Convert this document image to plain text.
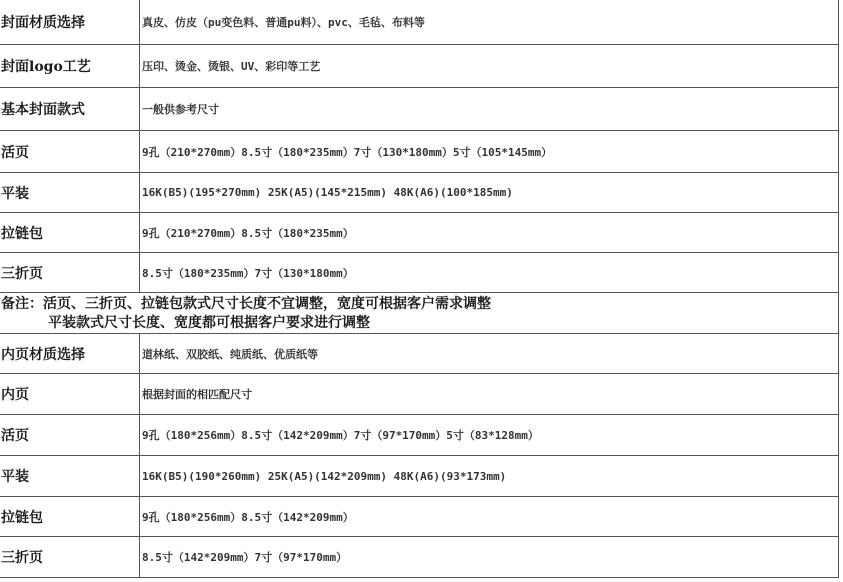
封面材质选择	真皮、仿皮（pu变色料、普通pu料）、pvc、毛毡、布料等
封面logo工艺	压印、烫金、烫银、UV、彩印等工艺
基本封面款式	一般供参考尺寸
活页	9孔（210*270mm）8.5寸（180*235mm）7寸（130*180mm）5寸（105*145mm）
平装	16K(B5)(195*270mm) 25K(A5)(145*215mm) 48K(A6)(100*185mm)
拉链包	9孔（210*270mm）8.5寸（180*235mm）
三折页	8.5寸（180*235mm）7寸（130*180mm）
备注：活页、三折页、拉链包款式尺寸长度不宜调整，宽度可根据客户需求调整
平装款式尺寸长度、宽度都可根据客户要求进行调整
内页材质选择	道林纸、双胶纸、纯质纸、优质纸等
内页	根据封面的相匹配尺寸
活页	9孔（180*256mm）8.5寸（142*209mm）7寸（97*170mm）5寸（83*128mm）
平装	16K(B5)(190*260mm) 25K(A5)(142*209mm) 48K(A6)(93*173mm)
拉链包	9孔（180*256mm）8.5寸（142*209mm）
三折页	8.5寸（142*209mm）7寸（97*170mm）
